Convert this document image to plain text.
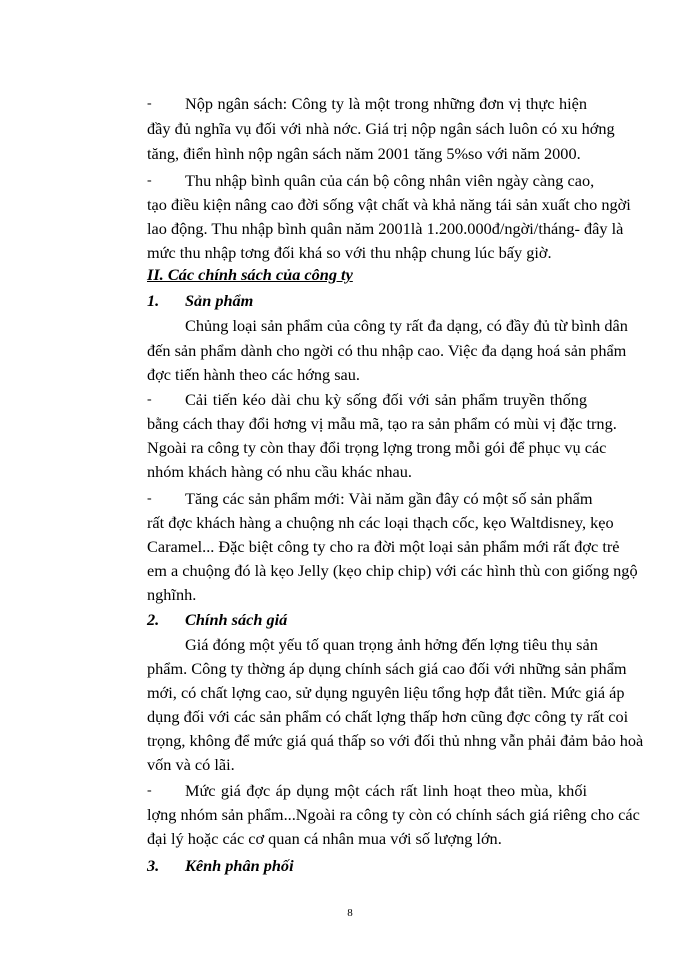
- Nộp ngân sách: Công ty là một trong những đơn vị thực hiện
đầy đủ nghĩa vụ đối với nhà nớc. Giá trị nộp ngân sách luôn có xu hớng
tăng, điển hình nộp ngân sách năm 2001 tăng 5%so với năm 2000.
- Thu nhập bình quân của cán bộ công nhân viên ngày càng cao,
tạo điều kiện nâng cao đời sống vật chất và khả năng tái sản xuất cho ngời
lao động. Thu nhập bình quân năm 2001là 1.200.000đ/ngời/tháng- đây là
mức thu nhập tơng đối khá so với thu nhập chung lúc bấy giờ.
II. Các chính sách của công ty
1. Sản phẩm
Chủng loại sản phẩm của công ty rất đa dạng, có đầy đủ từ bình dân
đến sản phẩm dành cho ngời có thu nhập cao. Việc đa dạng hoá sản phẩm
đợc tiến hành theo các hớng sau.
- Cải tiến kéo dài chu kỳ sống đối với sản phẩm truyền thống
bằng cách thay đổi hơng vị mẫu mã, tạo ra sản phẩm có mùi vị đặc trng.
Ngoài ra công ty còn thay đổi trọng lợng trong mỗi gói để phục vụ các
nhóm khách hàng có nhu cầu khác nhau.
- Tăng các sản phẩm mới: Vài năm gần đây có một số sản phẩm
rất đợc khách hàng a chuộng nh các loại thạch cốc, kẹo Waltdisney, kẹo
Caramel... Đặc biệt công ty cho ra đời một loại sản phẩm mới rất đợc trẻ
em a chuộng đó là kẹo Jelly (kẹo chip chip) với các hình thù con giống ngộ
nghĩnh.
2. Chính sách giá
Giá đóng một yếu tố quan trọng ảnh hởng đến lợng tiêu thụ sản
phẩm. Công ty thờng áp dụng chính sách giá cao đối với những sản phẩm
mới, có chất lợng cao, sử dụng nguyên liệu tổng hợp đắt tiền. Mức giá áp
dụng đối với các sản phẩm có chất lợng thấp hơn cũng đợc công ty rất coi
trọng, không để mức giá quá thấp so với đối thủ nhng vẫn phải đảm bảo hoà
vốn và có lãi.
- Mức giá đợc áp dụng một cách rất linh hoạt theo mùa, khối
lợng nhóm sản phẩm...Ngoài ra công ty còn có chính sách giá riêng cho các
đại lý hoặc các cơ quan cá nhân mua với số lượng lớn.
3. Kênh phân phối
8
